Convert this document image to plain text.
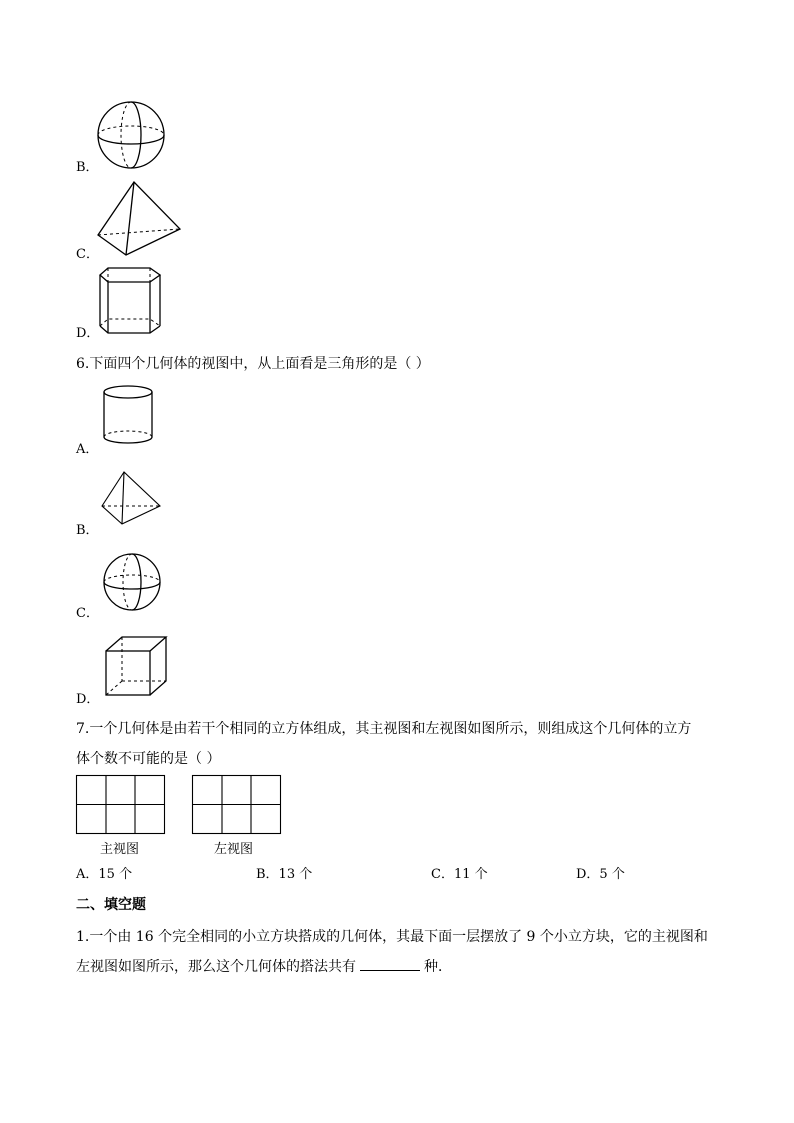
B．
C．
D．
6.下面四个几何体的视图中，从上面看是三角形的是（ ）
A．
B．
C．
D．
7.一个几何体是由若干个相同的立方体组成，其主视图和左视图如图所示，则组成这个几何体的立方
体个数不可能的是（ ）
主视图	左视图
A．15 个	B．13 个	C．11 个	D．5 个
二、填空题
1.一个由 16 个完全相同的小立方块搭成的几何体，其最下面一层摆放了 9 个小立方块，它的主视图和
左视图如图所示，那么这个几何体的搭法共有	种．
